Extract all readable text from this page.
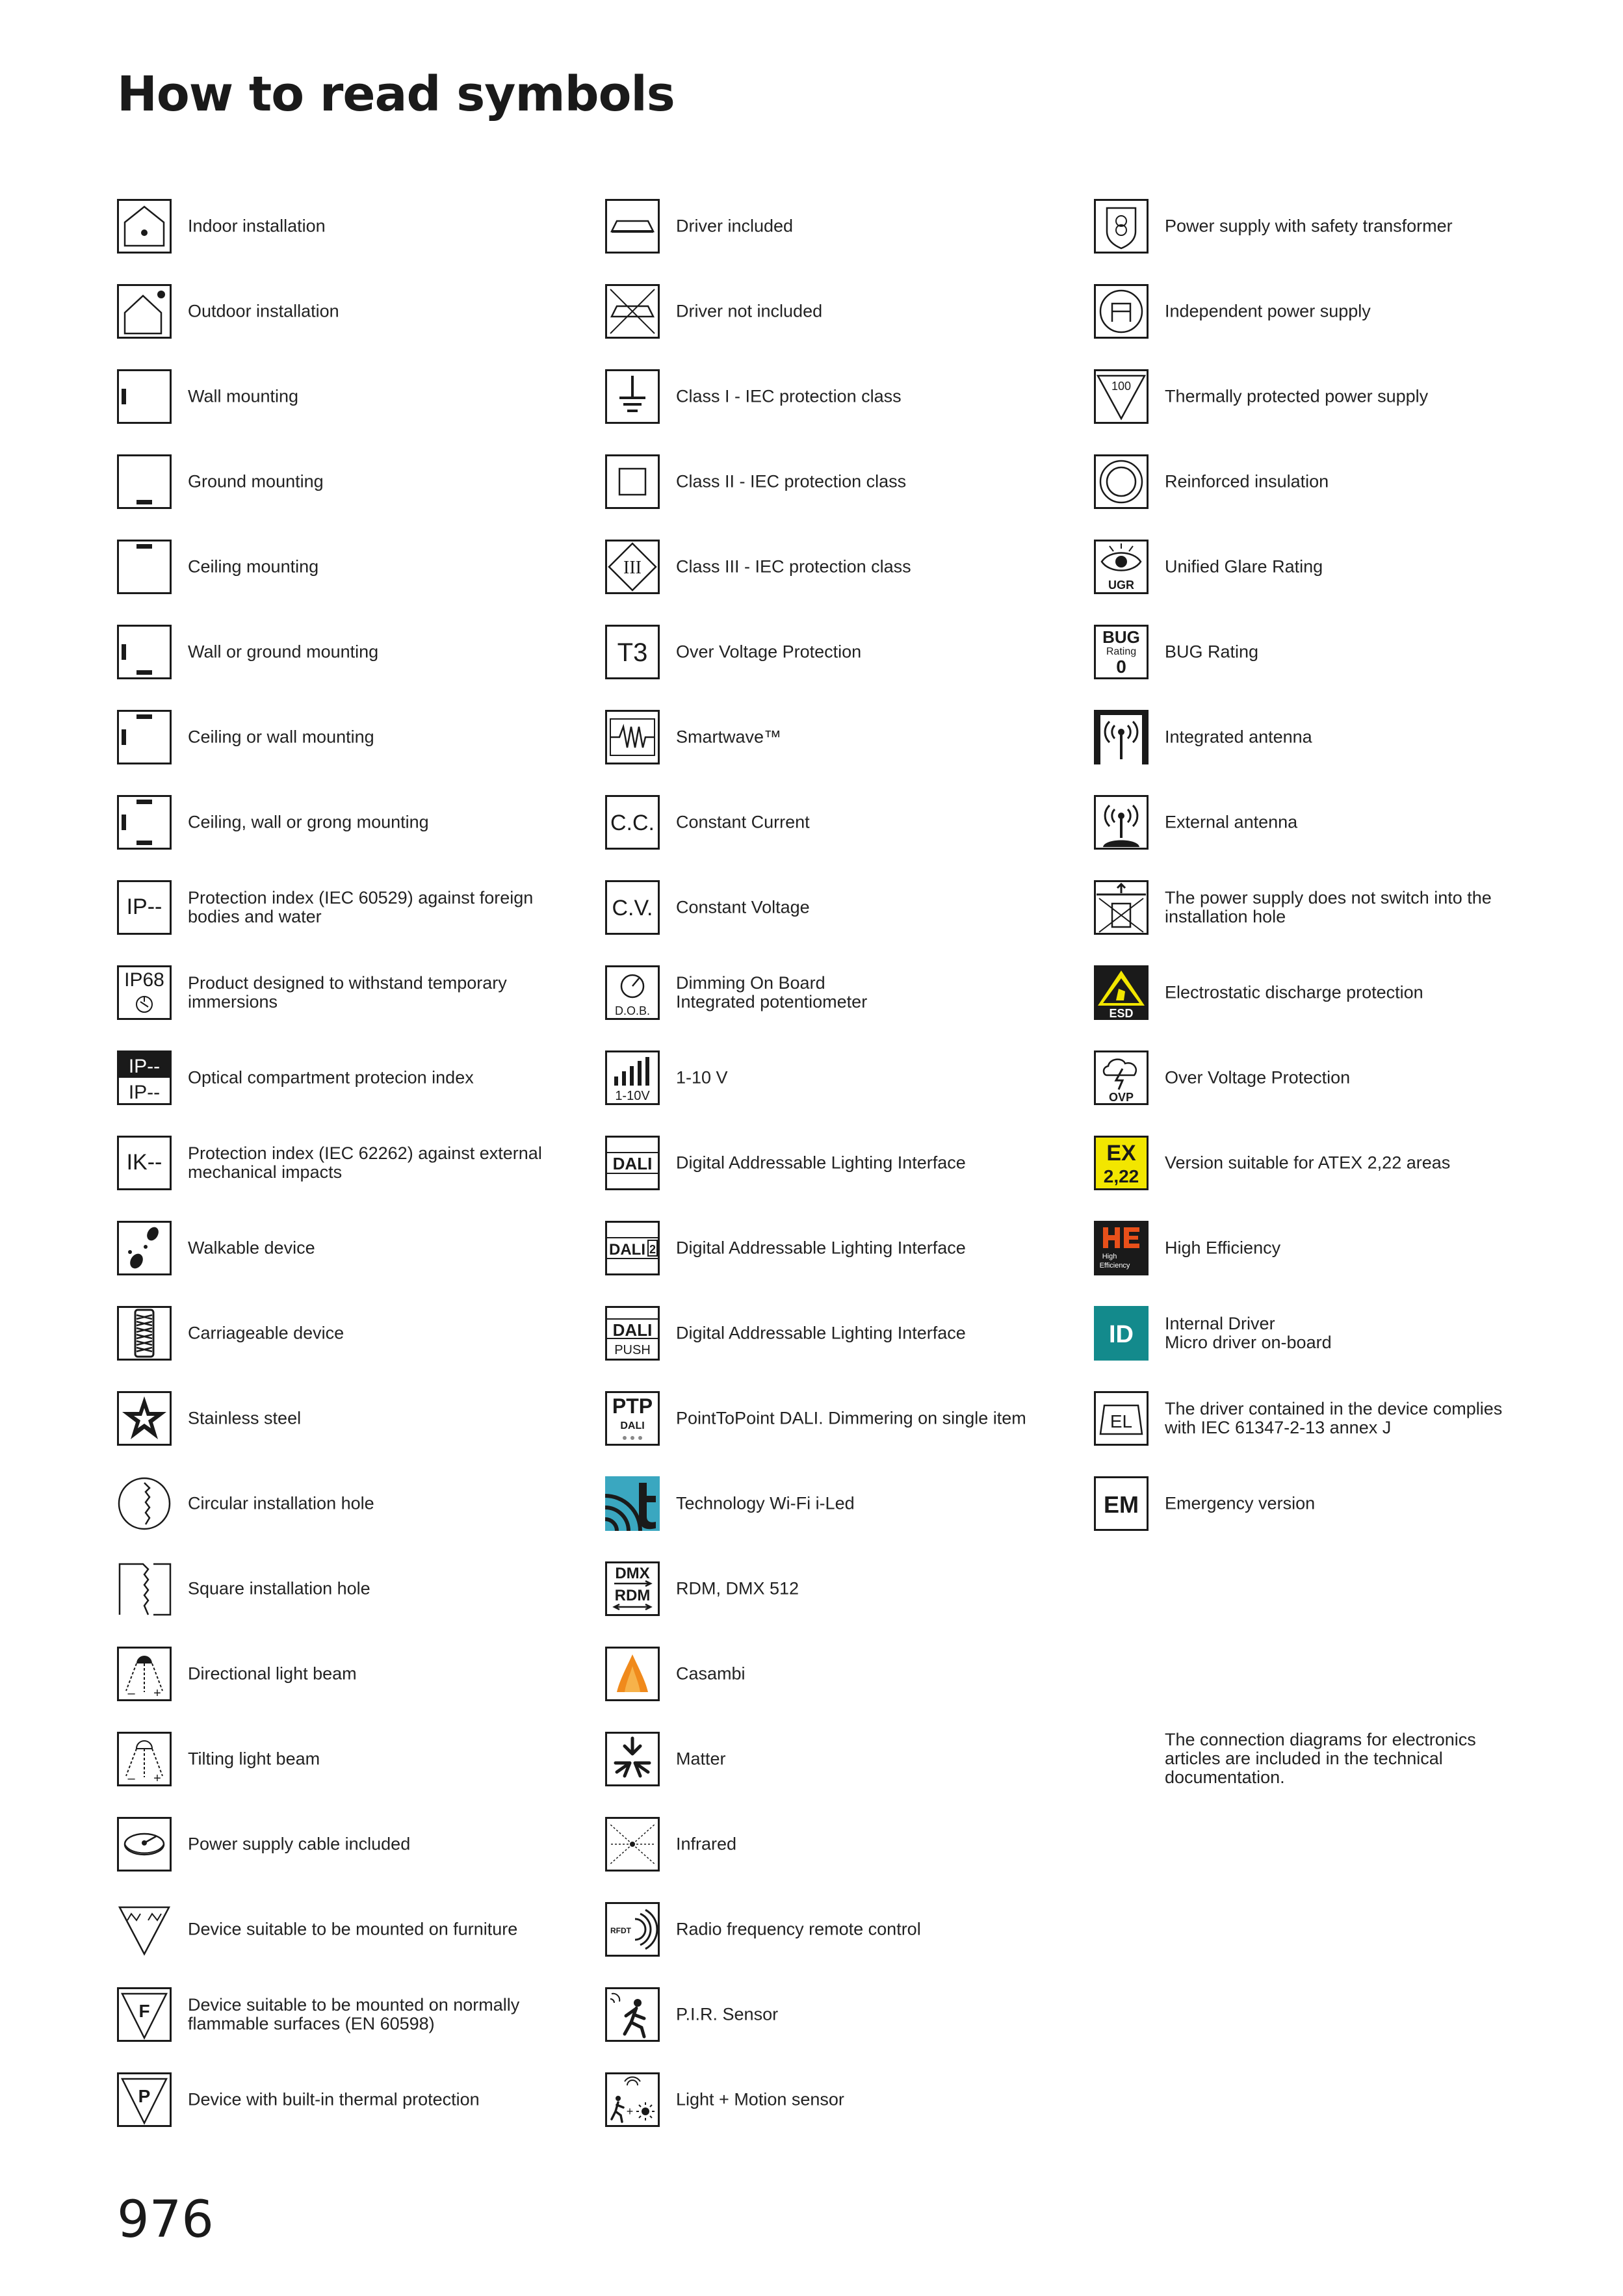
How to read symbols
Indoor installation
Outdoor installation
Wall mounting
Ground mounting
Ceiling mounting
Wall or ground mounting
Ceiling or wall mounting
Ceiling, wall or grong mounting
IP-- Protection index (IEC 60529) against foreign
bodies and water
IP68 Product designed to withstand temporary
immersions
IP--
IP--
Optical compartment protecion index
IK-- Protection index (IEC 62262) against external
mechanical impacts
Walkable device
Carriageable device
Stainless steel
Circular installation hole
Square installation hole
– +
Directional light beam
– +
Tilting light beam
Power supply cable included
Device suitable to be mounted on furniture
F Device suitable to be mounted on normally
flammable surfaces (EN 60598)
P Device with built-in thermal protection
Driver included
Driver not included
Class I - IEC protection class
Class II - IEC protection class
III Class III - IEC protection class
T3 Over Voltage Protection
Smartwave™
C.C. Constant Current
C.V. Constant Voltage
D.O.B.
Dimming On Board
Integrated potentiometer
1-10V
1-10 V
DALI Digital Addressable Lighting Interface
DALI 2 Digital Addressable Lighting Interface
DALI
PUSH
Digital Addressable Lighting Interface
PTP
DALI PointToPoint DALI. Dimmering on single item
Technology Wi-Fi i-Led
DMX
RDM RDM, DMX 512
Casambi
Matter
Infrared
RFDT	Radio frequency remote control
P.I.R. Sensor
+
Light + Motion sensor
Power supply with safety transformer
Independent power supply
100
Thermally protected power supply
Reinforced insulation
UGR
Unified Glare Rating
BUG
Rating
0
BUG Rating
Integrated antenna
External antenna
The power supply does not switch into the
installation hole
ESD
Electrostatic discharge protection
OVP
Over Voltage Protection
EX
2,22
Version suitable for ATEX 2,22 areas
High
Efficiency
High Efficiency
ID Internal Driver
Micro driver on-board
EL
The driver contained in the device complies
with IEC 61347-2-13 annex J
EM Emergency version
The connection diagrams for electronics
articles are included in the technical
documentation.
976
